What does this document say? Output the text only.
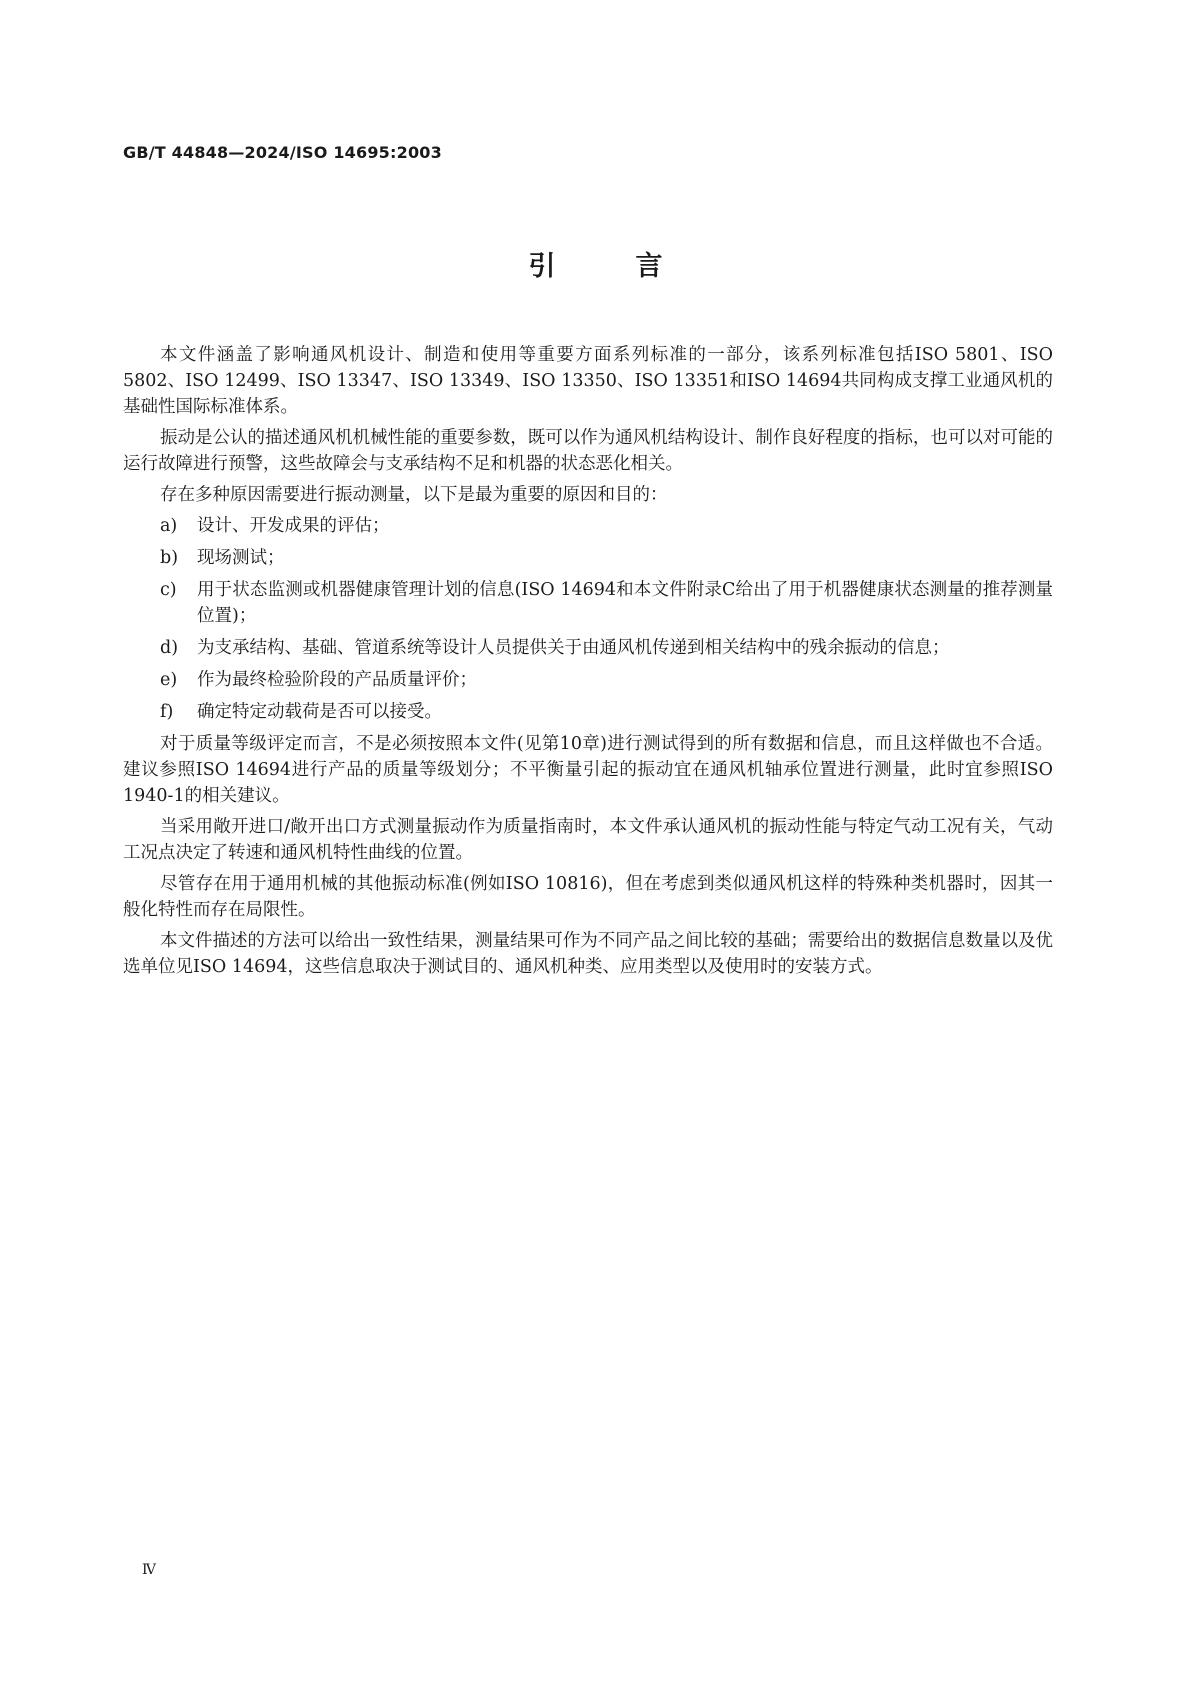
GB/T 44848—2024/ISO 14695:2003
引	言

本文件涵盖了影响通风机设计、制造和使用等重要方面系列标准的一部分，该系列标准包括ISO 5801、ISO 5802、ISO 12499、ISO 13347、ISO 13349、ISO 13350、ISO 13351和ISO 14694共同构成支撑工业通风机的基础性国际标准体系。

振动是公认的描述通风机机械性能的重要参数，既可以作为通风机结构设计、制作良好程度的指标，也可以对可能的运行故障进行预警，这些故障会与支承结构不足和机器的状态恶化相关。

存在多种原因需要进行振动测量，以下是最为重要的原因和目的：

a)	设计、开发成果的评估；
b)	现场测试；
c)	用于状态监测或机器健康管理计划的信息(ISO 14694和本文件附录C给出了用于机器健康状态测量的推荐测量位置)；
d)	为支承结构、基础、管道系统等设计人员提供关于由通风机传递到相关结构中的残余振动的信息；
e)	作为最终检验阶段的产品质量评价；
f)	确定特定动载荷是否可以接受。

对于质量等级评定而言，不是必须按照本文件(见第10章)进行测试得到的所有数据和信息，而且这样做也不合适。建议参照ISO 14694进行产品的质量等级划分；不平衡量引起的振动宜在通风机轴承位置进行测量，此时宜参照ISO 1940-1的相关建议。

当采用敞开进口/敞开出口方式测量振动作为质量指南时，本文件承认通风机的振动性能与特定气动工况有关，气动工况点决定了转速和通风机特性曲线的位置。

尽管存在用于通用机械的其他振动标准(例如ISO 10816)，但在考虑到类似通风机这样的特殊种类机器时，因其一般化特性而存在局限性。

本文件描述的方法可以给出一致性结果，测量结果可作为不同产品之间比较的基础；需要给出的数据信息数量以及优选单位见ISO 14694，这些信息取决于测试目的、通风机种类、应用类型以及使用时的安装方式。

Ⅳ
